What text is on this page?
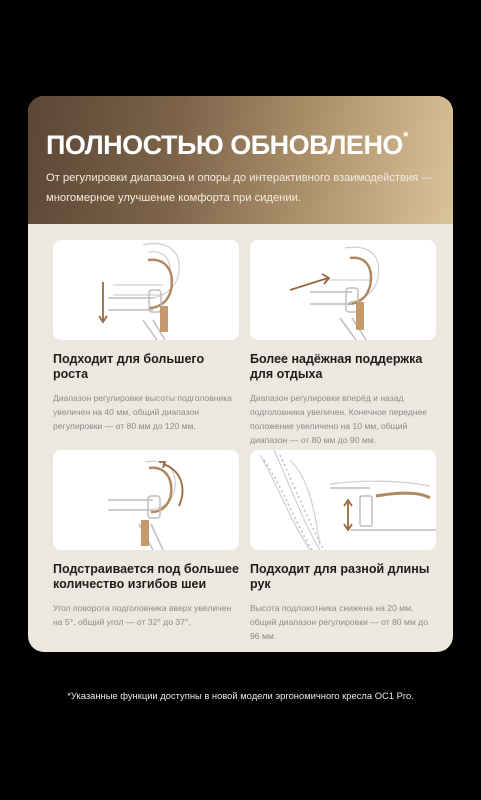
ПОЛНОСТЬЮ ОБНОВЛЕНО*

От регулировки диапазона и опоры до интерактивного взаимодействия — многомерное улучшение комфорта при сидении.

Подходит для большего роста

Диапазон регулировки высоты подголовника увеличен на 40 мм, общий диапазон регулировки — от 80 мм до 120 мм.

Более надёжная поддержка для отдыха

Диапазон регулировки вперёд и назад подголовника увеличен. Конечное переднее положение увеличено на 10 мм, общий диапазон — от 80 мм до 90 мм.

Подстраивается под большее количество изгибов шеи

Угол поворота подголовника вверх увеличен на 5°, общий угол — от 32° до 37°.

Подходит для разной длины рук

Высота подлокотника снижена на 20 мм, общий диапазон регулировки — от 80 мм до 96 мм.

*Указанные функции доступны в новой модели эргономичного кресла OC1 Pro.
